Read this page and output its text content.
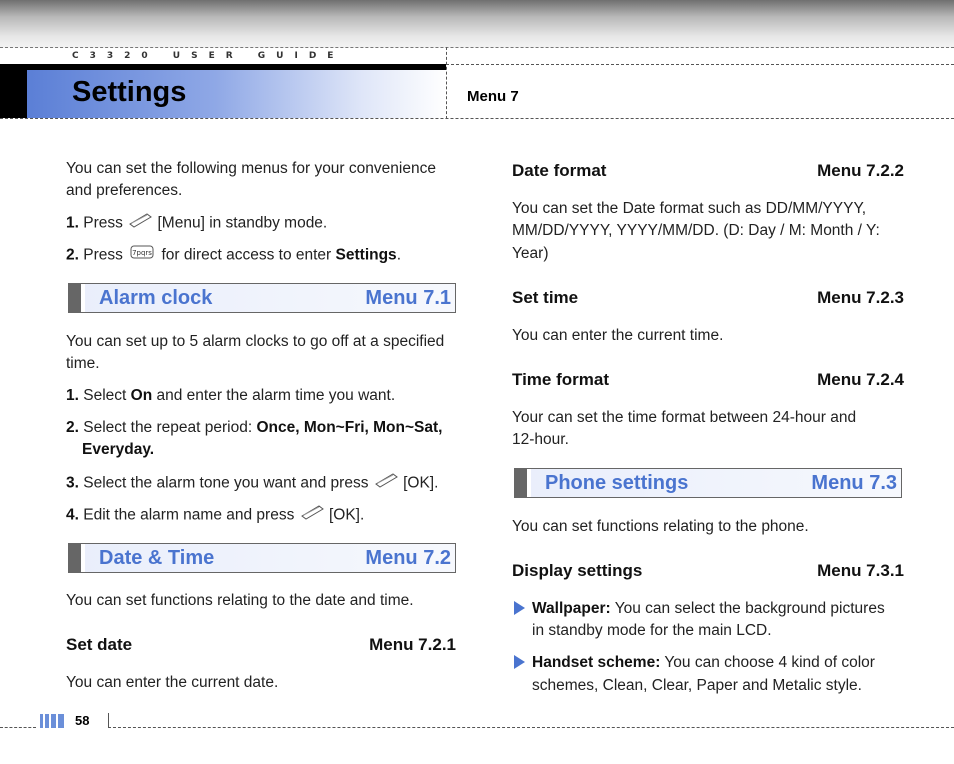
C3320 USER GUIDE
Settings	Menu 7
You can set the following menus for your convenience and preferences.
1. Press [Menu] in standby mode.
2. Press 7pqrs for direct access to enter Settings.
Alarm clock	Menu 7.1
You can set up to 5 alarm clocks to go off at a specified time.
1. Select On and enter the alarm time you want.
2. Select the repeat period: Once, Mon~Fri, Mon~Sat,
Everyday.
3. Select the alarm tone you want and press [OK].
4. Edit the alarm name and press [OK].
Date & Time	Menu 7.2
You can set functions relating to the date and time.
Set date	Menu 7.2.1
You can enter the current date.
Date format	Menu 7.2.2
You can set the Date format such as DD/MM/YYYY,
MM/DD/YYYY, YYYY/MM/DD. (D: Day / M: Month / Y:
Year)
Set time	Menu 7.2.3
You can enter the current time.
Time format	Menu 7.2.4
Your can set the time format between 24-hour and
12-hour.
Phone settings	Menu 7.3
You can set functions relating to the phone.
Display settings	Menu 7.3.1
Wallpaper: You can select the background pictures
in standby mode for the main LCD.
Handset scheme: You can choose 4 kind of color
schemes, Clean, Clear, Paper and Metalic style.
58
